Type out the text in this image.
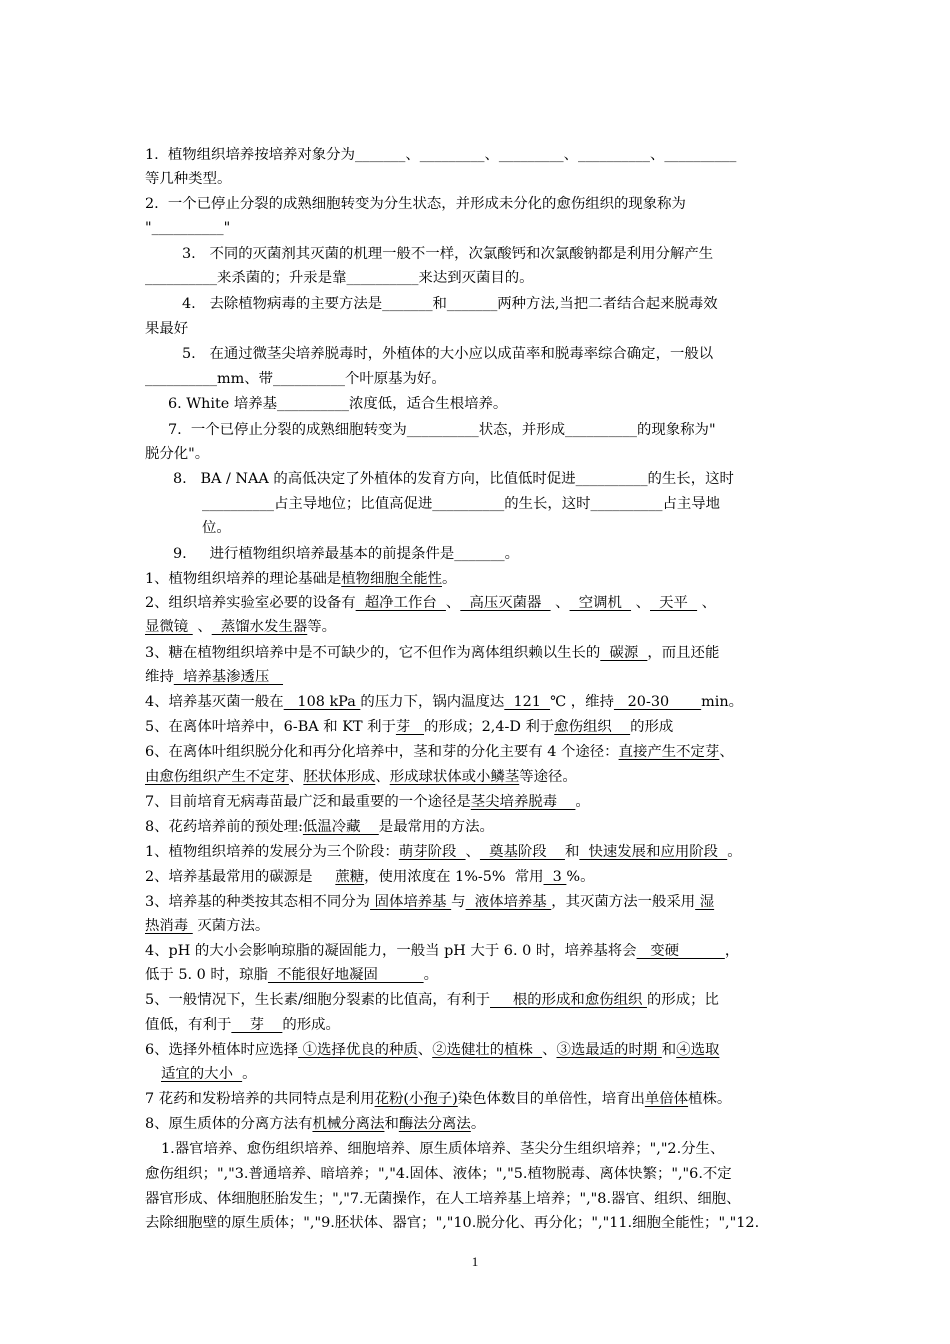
1.  植物组织培养按培养对象分为_______、_________、_________、__________、__________
等几种类型。
2.  一个已停止分裂的成熟细胞转变为分生状态，并形成未分化的愈伤组织的现象称为
"__________"
3.   不同的灭菌剂其灭菌的机理一般不一样，次氯酸钙和次氯酸钠都是利用分解产生
__________来杀菌的；升汞是靠__________来达到灭菌目的。
4.   去除植物病毒的主要方法是_______和_______两种方法,当把二者结合起来脱毒效
果最好
5.   在通过微茎尖培养脱毒时，外植体的大小应以成苗率和脱毒率综合确定，一般以
__________mm、带__________个叶原基为好。
6. White 培养基__________浓度低，适合生根培养。
7.  一个已停止分裂的成熟细胞转变为__________状态，并形成__________的现象称为"
脱分化"。
8.   BA / NAA 的高低决定了外植体的发育方向，比值低时促进__________的生长，这时
__________占主导地位；比值高促进__________的生长，这时__________占主导地
位。
9.     进行植物组织培养最基本的前提条件是_______。
1、植物组织培养的理论基础是植物细胞全能性。
2、组织培养实验室必要的设备有  超净工作台  、  高压灭菌器   、  空调机   、  天平   、
显微镜  、  蒸馏水发生器等。
3、糖在植物组织培养中是不可缺少的，它不但作为离体组织赖以生长的  碳源  ，而且还能
维持  培养基渗透压
4、培养基灭菌一般在   108 kPa 的压力下，锅内温度达  121  ℃ ，维持   20-30       min。
5、在离体叶培养中，6-BA 和 KT 利于芽   的形成；2,4-D 利于愈伤组织    的形成
6、在离体叶组织脱分化和再分化培养中，茎和芽的分化主要有 4 个途径：直接产生不定芽、
由愈伤组织产生不定芽、胚状体形成、形成球状体或小鳞茎等途径。
7、目前培育无病毒苗最广泛和最重要的一个途径是茎尖培养脱毒    。
8、花药培养前的预处理:低温冷藏    是最常用的方法。
1、植物组织培养的发展分为三个阶段：萌芽阶段  、  奠基阶段    和  快速发展和应用阶段  。
2、培养基最常用的碳源是     蔗糖，使用浓度在 1%-5%  常用  3 %。
3、培养基的种类按其态相不同分为 固体培养基 与  液体培养基 ，其灭菌方法一般采用 湿
热消毒  灭菌方法。
4、pH 的大小会影响琼脂的凝固能力，一般当 pH 大于 6. 0 时，培养基将会   变硬          ，
低于 5. 0 时，琼脂  不能很好地凝固          。
5、一般情况下，生长素/细胞分裂素的比值高，有利于     根的形成和愈伤组织 的形成；比
值低，有利于    芽    的形成。
6、选择外植体时应选择 ①选择优良的种质、②选健壮的植株  、③选最适的时期 和④选取
适宜的大小  。
7 花药和发粉培养的共同特点是利用花粉(小孢子)染色体数目的单倍性，培育出单倍体植株。
8、原生质体的分离方法有机械分离法和酶法分离法。
1.器官培养、愈伤组织培养、细胞培养、原生质体培养、茎尖分生组织培养；","2.分生、
愈伤组织；","3.普通培养、暗培养；","4.固体、液体；","5.植物脱毒、离体快繁；","6.不定
器官形成、体细胞胚胎发生；","7.无菌操作，在人工培养基上培养；","8.器官、组织、细胞、
去除细胞壁的原生质体；","9.胚状体、器官；","10.脱分化、再分化；","11.细胞全能性；","12.
1
